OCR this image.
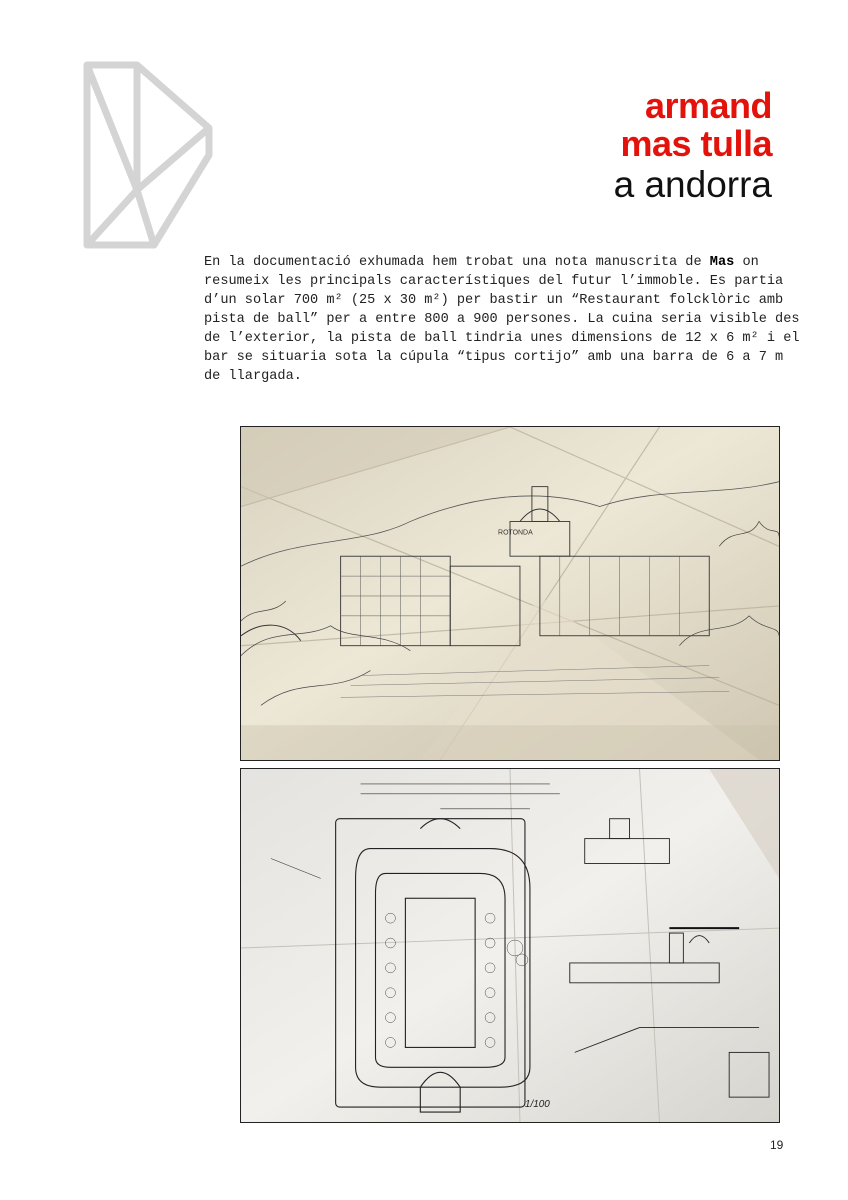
armand
mas tulla
a andorra
En la documentació exhumada hem trobat una nota manuscrita de Mas on resumeix les principals característiques del futur l’immoble. Es partia d’un solar 700 m² (25 x 30 m²) per bastir un “Restaurant folcklòric amb pista de ball” per a entre 800 a 900 persones. La cuina seria visible des de l’exterior, la pista de ball tindria unes dimensions de 12 x 6 m² i el bar se situaria sota la cúpula “tipus cortijo” amb una barra de 6 a 7 m de llargada.
ROTONDA
1/100
19
